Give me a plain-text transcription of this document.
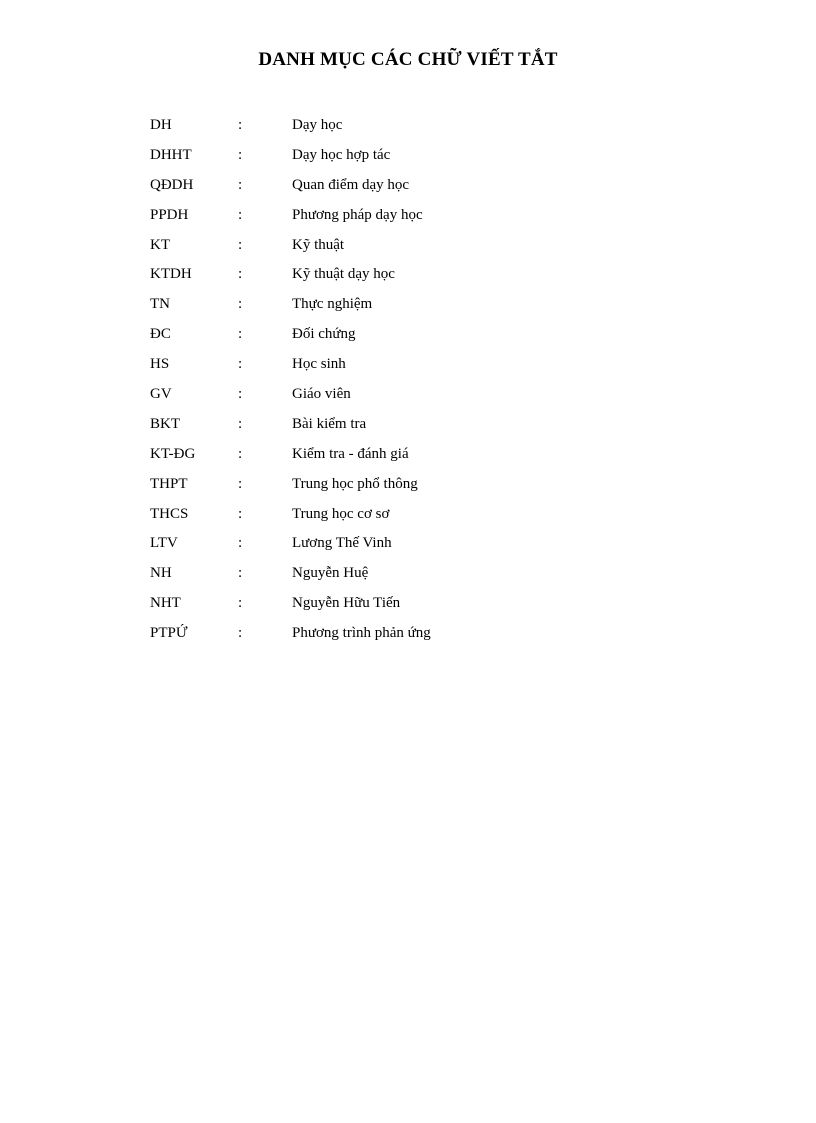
DANH MỤC CÁC CHỮ VIẾT TẮT
DH	:	Dạy học
DHHT	:	Dạy học hợp tác
QĐDH	:	Quan điểm dạy học
PPDH	:	Phương pháp dạy học
KT	:	Kỹ thuật
KTDH	:	Kỹ thuật dạy học
TN	:	Thực nghiệm
ĐC	:	Đối chứng
HS	:	Học sinh
GV	:	Giáo viên
BKT	:	Bài kiểm tra
KT-ĐG	:	Kiểm tra - đánh giá
THPT	:	Trung học phổ thông
THCS	:	Trung học cơ sơ
LTV	:	Lương Thế Vinh
NH	:	Nguyễn Huệ
NHT	:	Nguyễn Hữu Tiến
PTPỨ	:	Phương trình phản ứng
